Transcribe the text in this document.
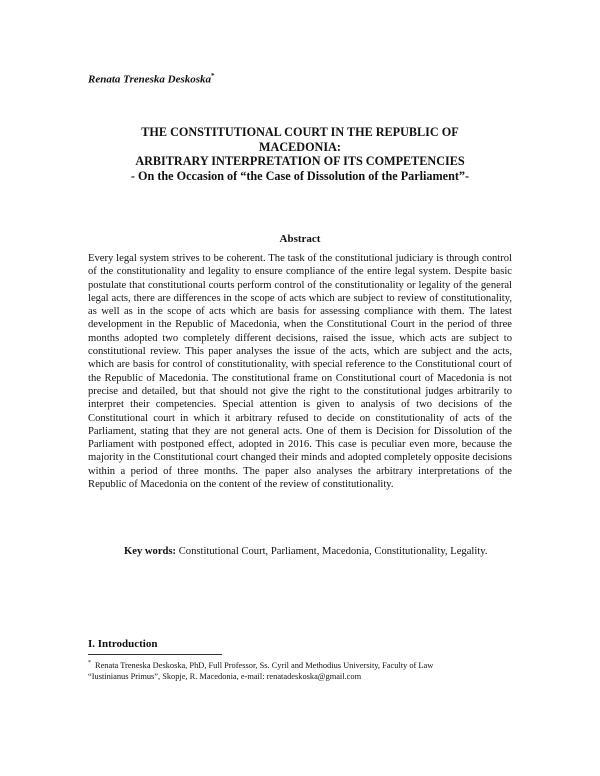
Renata Treneska Deskoska*
THE CONSTITUTIONAL COURT IN THE REPUBLIC OF
MACEDONIA:
ARBITRARY INTERPRETATION OF ITS COMPETENCIES
- On the Occasion of “the Case of Dissolution of the Parliament”-
Abstract
Every legal system strives to be coherent. The task of the constitutional judiciary is through control of the constitutionality and legality to ensure compliance of the entire legal system. Despite basic postulate that constitutional courts perform control of the constitutionality or legality of the general legal acts, there are differences in the scope of acts which are subject to review of constitutionality, as well as in the scope of acts which are basis for assessing compliance with them. The latest development in the Republic of Macedonia, when the Constitutional Court in the period of three months adopted two completely different decisions, raised the issue, which acts are subject to constitutional review. This paper analyses the issue of the acts, which are subject and the acts, which are basis for control of constitutionality, with special reference to the Constitutional court of the Republic of Macedonia. The constitutional frame on Constitutional court of Macedonia is not precise and detailed, but that should not give the right to the constitutional judges arbitrarily to interpret their competencies. Special attention is given to analysis of two decisions of the Constitutional court in which it arbitrary refused to decide on constitutionality of acts of the Parliament, stating that they are not general acts. One of them is Decision for Dissolution of the Parliament with postponed effect, adopted in 2016. This case is peculiar even more, because the majority in the Constitutional court changed their minds and adopted completely opposite decisions within a period of three months. The paper also analyses the arbitrary interpretations of the Republic of Macedonia on the content of the review of constitutionality.
Key words: Constitutional Court, Parliament, Macedonia, Constitutionality, Legality.
I. Introduction
* Renata Treneska Deskoska, PhD, Full Professor, Ss. Cyril and Methodius University, Faculty of Law
“Iustinianus Primus”, Skopje, R. Macedonia, e-mail: renatadeskoska@gmail.com
